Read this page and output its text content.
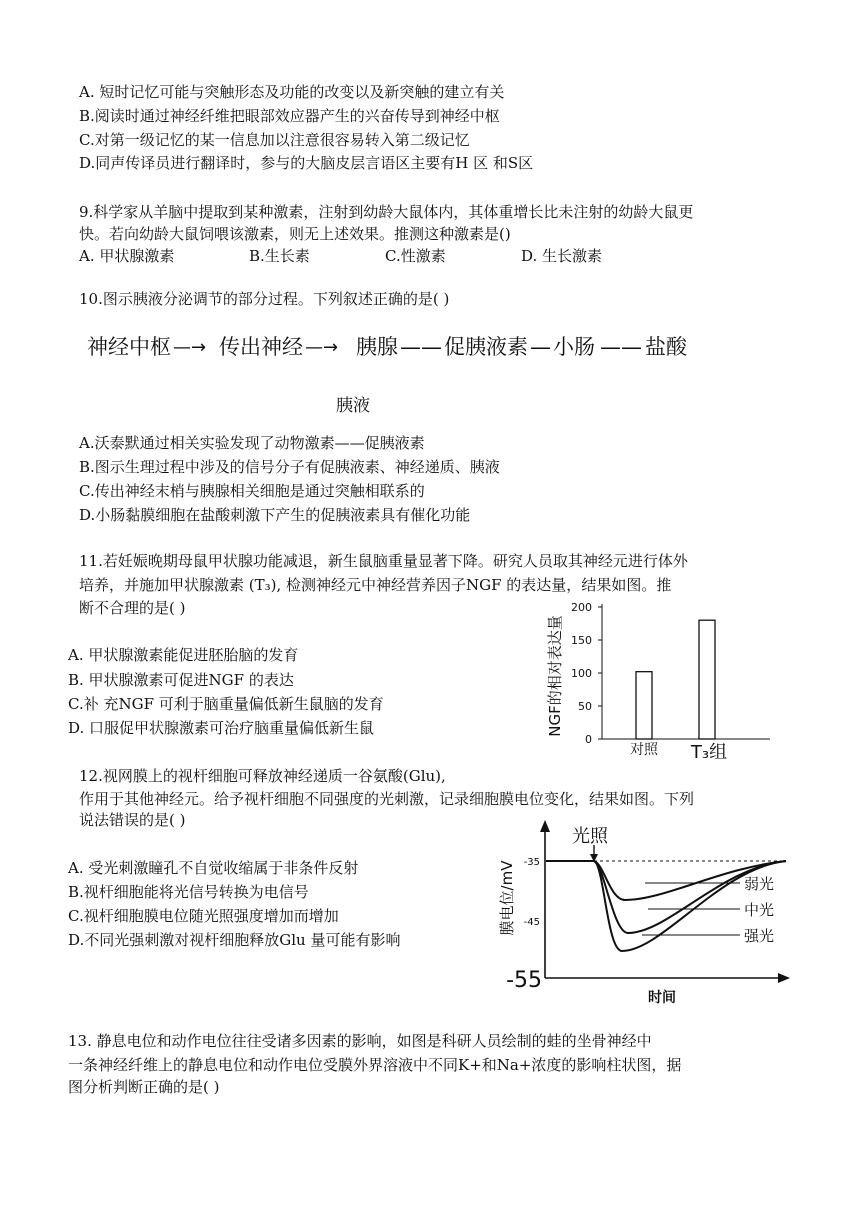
A. 短时记忆可能与突触形态及功能的改变以及新突触的建立有关
B.阅读时通过神经纤维把眼部效应器产生的兴奋传导到神经中枢
C.对第一级记忆的某一信息加以注意很容易转入第二级记忆
D.同声传译员进行翻译时，参与的大脑皮层言语区主要有H 区 和S区
9.科学家从羊脑中提取到某种激素，注射到幼龄大鼠体内，其体重增长比未注射的幼龄大鼠更
快。若向幼龄大鼠饲喂该激素，则无上述效果。推测这种激素是()
A. 甲状腺激素	B.生长素	C.性激素	D. 生长激素
10.图示胰液分泌调节的部分过程。下列叙述正确的是( )
神经中枢 —→ 传出神经 —→ 胰腺 —— 促胰液素 — 小肠 —— 盐酸
胰液
A.沃泰默通过相关实验发现了动物激素——促胰液素
B.图示生理过程中涉及的信号分子有促胰液素、神经递质、胰液
C.传出神经末梢与胰腺相关细胞是通过突触相联系的
D.小肠黏膜细胞在盐酸刺激下产生的促胰液素具有催化功能
11.若妊娠晚期母鼠甲状腺功能减退，新生鼠脑重量显著下降。研究人员取其神经元进行体外
培养，并施加甲状腺激素 (T₃), 检测神经元中神经营养因子NGF 的表达量，结果如图。推
断不合理的是( )
A. 甲状腺激素能促进胚胎脑的发育
B. 甲状腺激素可促进NGF 的表达
C.补 充NGF 可利于脑重量偏低新生鼠脑的发育
D. 口服促甲状腺激素可治疗脑重量偏低新生鼠	NGF的相对表达量
0
50
100
150
200
对照 T₃组
12.视网膜上的视杆细胞可释放神经递质一谷氨酸(Glu),
作用于其他神经元。给予视杆细胞不同强度的光刺激，记录细胞膜电位变化，结果如图。下列
说法错误的是( )
A. 受光刺激瞳孔不自觉收缩属于非条件反射
B.视杆细胞能将光信号转换为电信号
C.视杆细胞膜电位随光照强度增加而增加
D.不同光强刺激对视杆细胞释放Glu 量可能有影响
膜电位/mV -35
-45
-55
光照
弱光
中光
强光
时间
13. 静息电位和动作电位往往受诸多因素的影响，如图是科研人员绘制的蛙的坐骨神经中
一条神经纤维上的静息电位和动作电位受膜外界溶液中不同K+和Na+浓度的影响柱状图，据
图分析判断正确的是( )
